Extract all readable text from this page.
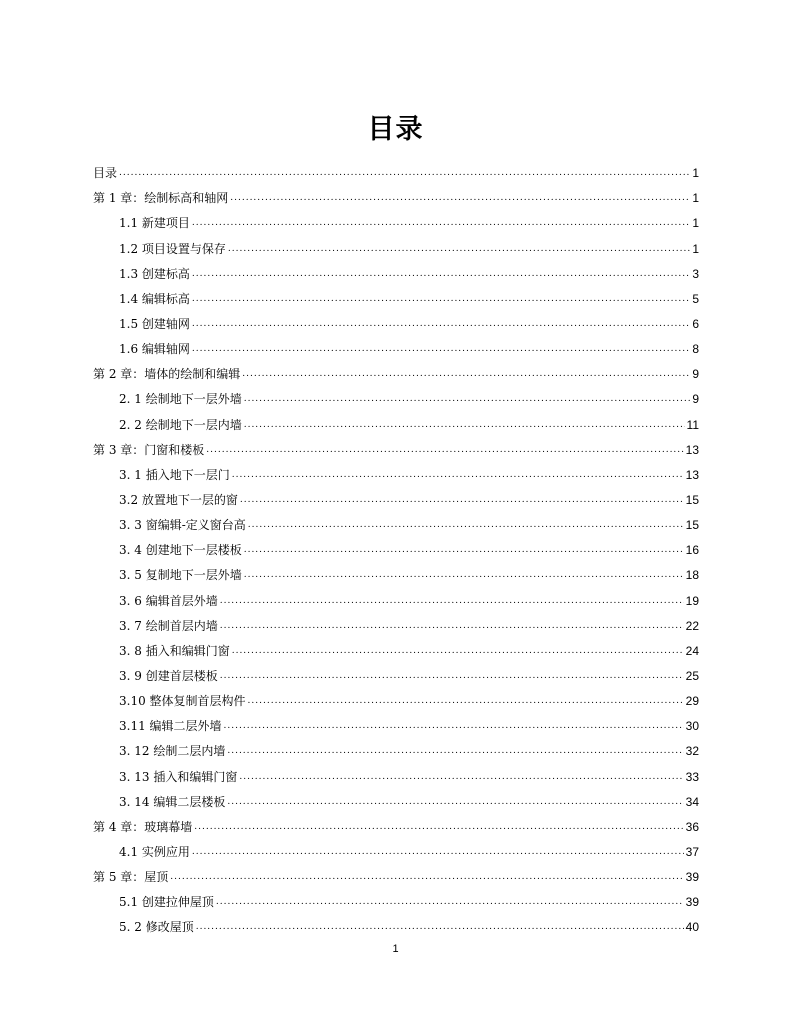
目录
目录 .....	1
第 1 章：绘制标高和轴网 .....	1
1.1 新建项目 .....	1
1.2 项目设置与保存 .....	1
1.3 创建标高 .....	3
1.4 编辑标高 .....	5
1.5 创建轴网 .....	6
1.6 编辑轴网 .....	8
第 2 章：墙体的绘制和编辑 .....	9
2. 1 绘制地下一层外墙 .....	9
2. 2 绘制地下一层内墙 .....	11
第 3 章：门窗和楼板 .....	13
3. 1 插入地下一层门 .....	13
3.2 放置地下一层的窗 .....	15
3. 3 窗编辑-定义窗台高 .....	15
3. 4 创建地下一层楼板 .....	16
3. 5 复制地下一层外墙 .....	18
3. 6 编辑首层外墙 .....	19
3. 7 绘制首层内墙 .....	22
3. 8 插入和编辑门窗 .....	24
3. 9 创建首层楼板 .....	25
3.10 整体复制首层构件 .....	29
3.11 编辑二层外墙 .....	30
3. 12 绘制二层内墙 .....	32
3. 13 插入和编辑门窗 .....	33
3. 14 编辑二层楼板 .....	34
第 4 章：玻璃幕墙 .....	36
4.1 实例应用 .....	37
第 5 章：屋顶 .....	39
5.1 创建拉伸屋顶 .....	39
5. 2 修改屋顶 .....	40
1
